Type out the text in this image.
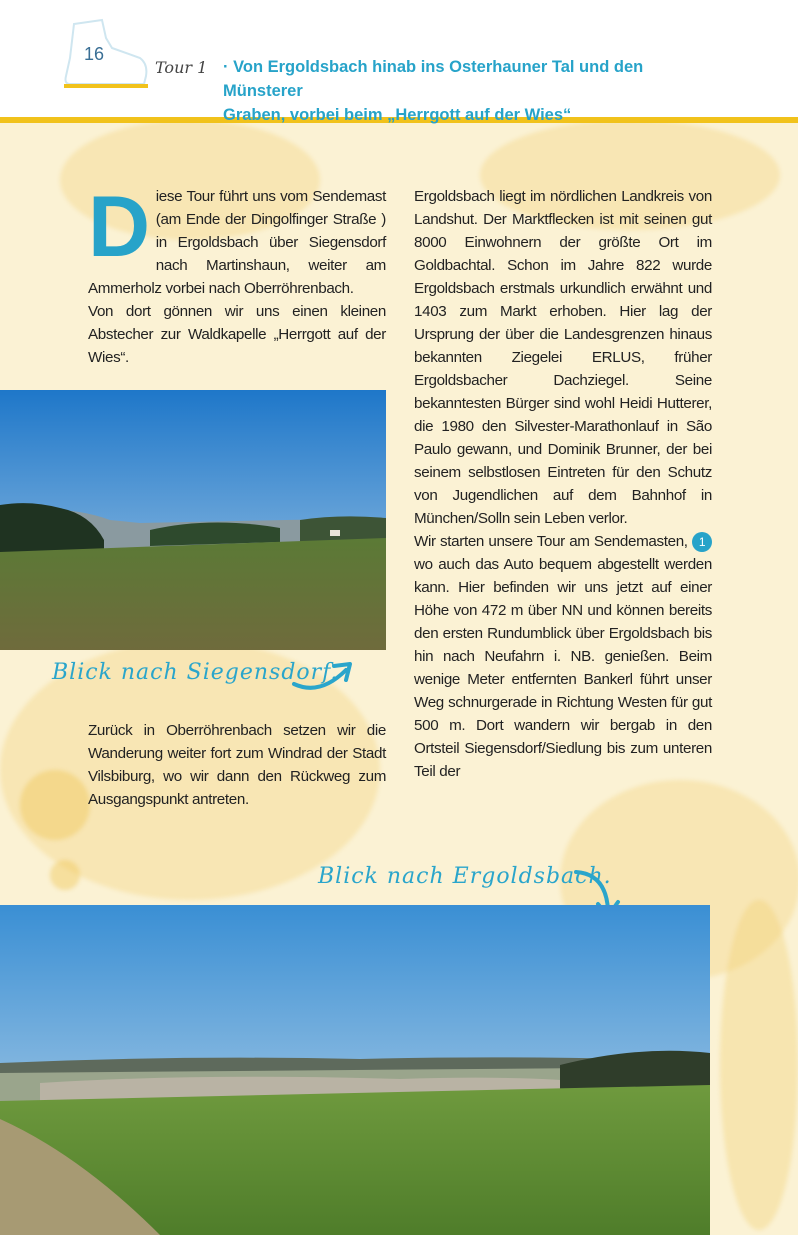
16
Tour 1 · Von Ergoldsbach hinab ins Osterhauner Tal und den Münsterer
Graben, vorbei beim „Herrgott auf der Wies“
D iese Tour führt uns vom Sendemast (am Ende der Dingolfinger Straße ) in Ergoldsbach über Siegensdorf nach Martinshaun, weiter am Ammerholz vorbei nach Oberröhrenbach.
Von dort gönnen wir uns einen kleinen Abstecher zur Waldkapelle „Herrgott auf der Wies“.
Blick nach Siegensdorf.
Zurück in Oberröhrenbach setzen wir die Wanderung weiter fort zum Windrad der Stadt Vilsbiburg, wo wir dann den Rückweg zum Ausgangspunkt antreten.
Ergoldsbach liegt im nördlichen Landkreis von Landshut. Der Marktflecken ist mit seinen gut 8000 Einwohnern der größte Ort im Goldbachtal. Schon im Jahre 822 wurde Ergoldsbach erstmals urkundlich erwähnt und 1403 zum Markt erhoben. Hier lag der Ursprung der über die Landesgrenzen hinaus bekannten Ziegelei ERLUS, früher Ergoldsbacher Dachziegel. Seine bekanntesten Bürger sind wohl Heidi Hutterer, die 1980 den Silvester-Marathonlauf in São Paulo gewann, und Dominik Brunner, der bei seinem selbstlosen Eintreten für den Schutz von Jugendlichen auf dem Bahnhof in München/Solln sein Leben verlor.
Wir starten unsere Tour am Sendemasten, 1 wo auch das Auto bequem abgestellt werden kann. Hier befinden wir uns jetzt auf einer Höhe von 472 m über NN und können bereits den ersten Rundumblick über Ergoldsbach bis hin nach Neufahrn i. NB. genießen. Beim wenige Meter entfernten Bankerl führt unser Weg schnurgerade in Richtung Westen für gut 500 m. Dort wandern wir bergab in den Ortsteil Siegensdorf/Siedlung bis zum unteren Teil der
Blick nach Ergoldsbach.
